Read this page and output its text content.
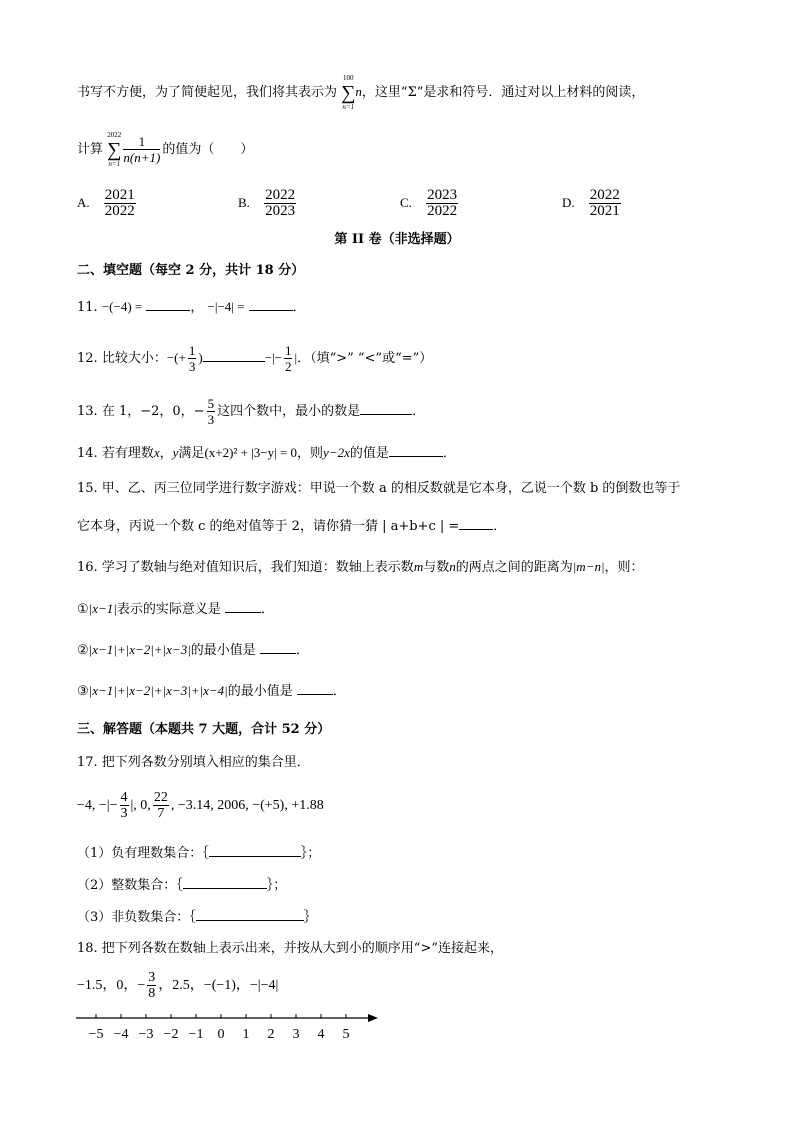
书写不方便，为了简便起见，我们将其表示为
100
∑
n=1
n，这里“Σ”是求和符号．通过对以上材料的阅读，
计算
2022
∑
$n=1 \frac{1}{n(n+1)}$ 的值为（　　）
A. $\frac{2021}{2022}$	B. $\frac{2022}{2023}$	C. $\frac{2023}{2022}$	D. $\frac{2022}{2021}$
第 II 卷（非选择题）
二、填空题（每空 2 分，共计 18 分）
11. −(−4) =	， −|−4| =	．
12. 比较大小：−(+ $\frac{1}{3}$ )	−|− $\frac{1}{2}$ |．（填“>” “<”或“=”）
13. 在 1，−2，0，− $\frac{5}{3}$ 这四个数中，最小的数是	．
14. 若有理数x，y满足(x+2)² + |3−y| = 0，则y−2x的值是	．
15. 甲、乙、丙三位同学进行数字游戏：甲说一个数 a 的相反数就是它本身，乙说一个数 b 的倒数也等于
它本身，丙说一个数 c 的绝对值等于 2，请你猜一猜 | a+b+c | =	．
16. 学习了数轴与绝对值知识后，我们知道：数轴上表示数m与数n的两点之间的距离为|m−n|，则：
①|x−1|表示的实际意义是	．
②|x−1|+|x−2|+|x−3|的最小值是	．
③|x−1|+|x−2|+|x−3|+|x−4|的最小值是	．
三、解答题（本题共 7 大题，合计 52 分）
17. 把下列各数分别填入相应的集合里．
−4, −|− $\frac{4}{3}$ |, 0, $\frac{22}{7}$ , −3.14, 2006, −(+5), +1.88
（1）负有理数集合：｛	｝；
（2）整数集合：｛	｝；
（3）非负数集合：｛	｝
18. 把下列各数在数轴上表示出来，并按从大到小的顺序用“>”连接起来，
−1.5，0，− $\frac{3}{8}$ ，2.5，−(−1)，−|−4|
−5 −4 −3 −2 −1 0 1 2 3 4 5
